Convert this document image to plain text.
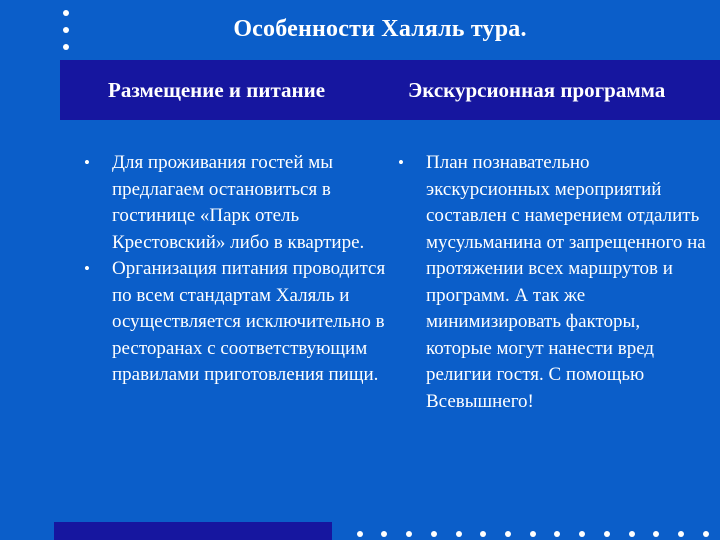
Особенности Халяль тура.
Размещение и питание	Экскурсионная программа
•	Для проживания гостей мы предлагаем остановиться в гостинице «Парк отель Крестовский» либо в квартире.
•	Организация питания проводится по всем стандартам Халяль и осуществляется исключительно в ресторанах с соответствующим правилами приготовления пищи.
•	План познавательно экскурсионных мероприятий составлен с намерением отдалить мусульманина от запрещенного на протяжении всех маршрутов и программ. А так же минимизировать факторы, которые могут нанести вред религии гостя. С помощью Всевышнего!
